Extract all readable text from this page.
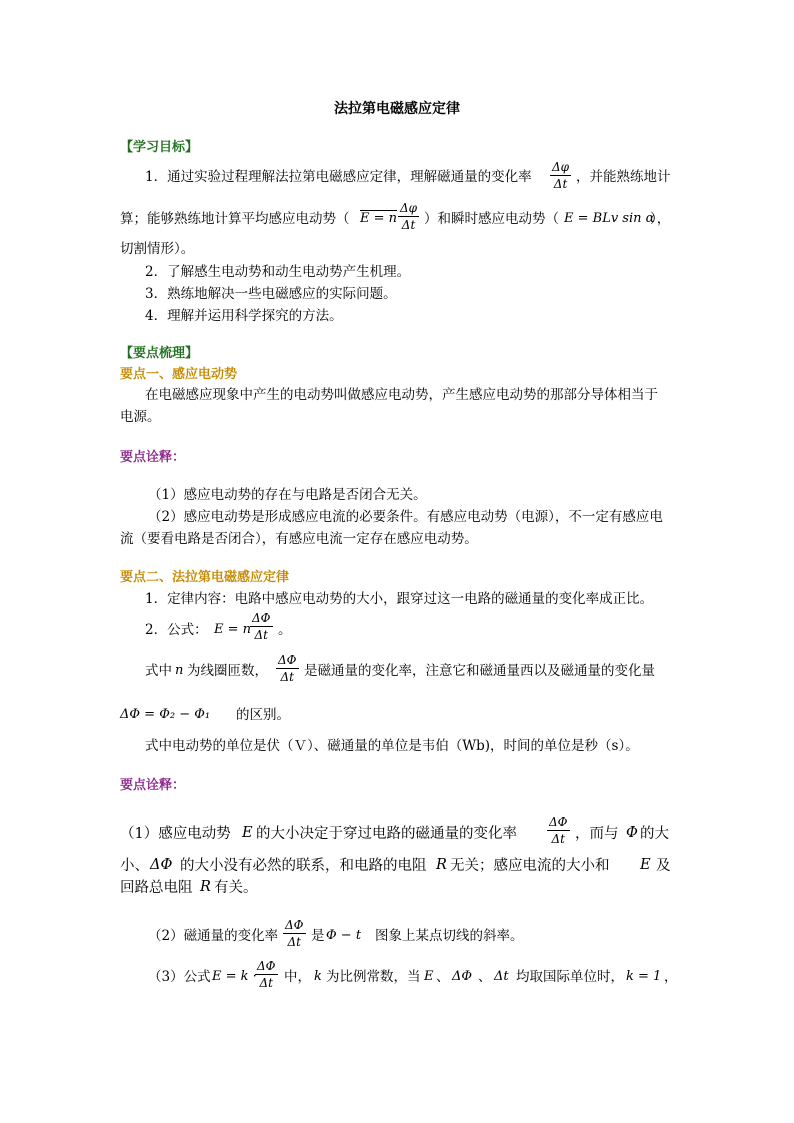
法拉第电磁感应定律
【学习目标】
1．通过实验过程理解法拉第电磁感应定律，理解磁通量的变化率 $\frac{\Delta\varphi}{\Delta t}$ ，并能熟练地计
算；能够熟练地计算平均感应电动势（ E = n $\frac{\Delta\varphi}{\Delta t}$ ）和瞬时感应电动势（ E = BLv sin α
），
切割情形）。
2．了解感生电动势和动生电动势产生机理。
3．熟练地解决一些电磁感应的实际问题。
4．理解并运用科学探究的方法。
【要点梳理】
要点一、感应电动势
在电磁感应现象中产生的电动势叫做感应电动势，产生感应电动势的那部分导体相当于
电源。
要点诠释：
（1）感应电动势的存在与电路是否闭合无关。
（2）感应电动势是形成感应电流的必要条件。有感应电动势（电源），不一定有感应电
流（要看电路是否闭合），有感应电流一定存在感应电动势。
要点二、法拉第电磁感应定律
1．定律内容：电路中感应电动势的大小，跟穿过这一电路的磁通量的变化率成正比。
2．公式： E = n
$\frac{\Delta\Phi}{\Delta t}$ 。
式中 n 为线圈匝数， $\frac{\Delta\Phi}{\Delta t}$ 是磁通量的变化率，注意它和磁通量西以及磁通量的变化量
ΔΦ = Φ₂ − Φ₁ 的区别。
式中电动势的单位是伏（Ｖ）、磁通量的单位是韦伯（Wb)，时间的单位是秒（s）。
要点诠释：
（1）感应电动势 E 的大小决定于穿过电路的磁通量的变化率	$\frac{\Delta\Phi}{\Delta t}$ ，而与 Φ 的大
小、 ΔΦ 的大小没有必然的联系，和电路的电阻 R 无关；感应电流的大小和 E 及
回路总电阻 R 有关。
（2）磁通量的变化率 $\frac{\Delta\Phi}{\Delta t}$ 是 Φ − t 图象上某点切线的斜率。
（3）公式 E = k ·
$\frac{\Delta\Phi}{\Delta t}$ 中， k 为比例常数，当 E 、 ΔΦ 、 Δt 均取国际单位时， k = 1 ，
